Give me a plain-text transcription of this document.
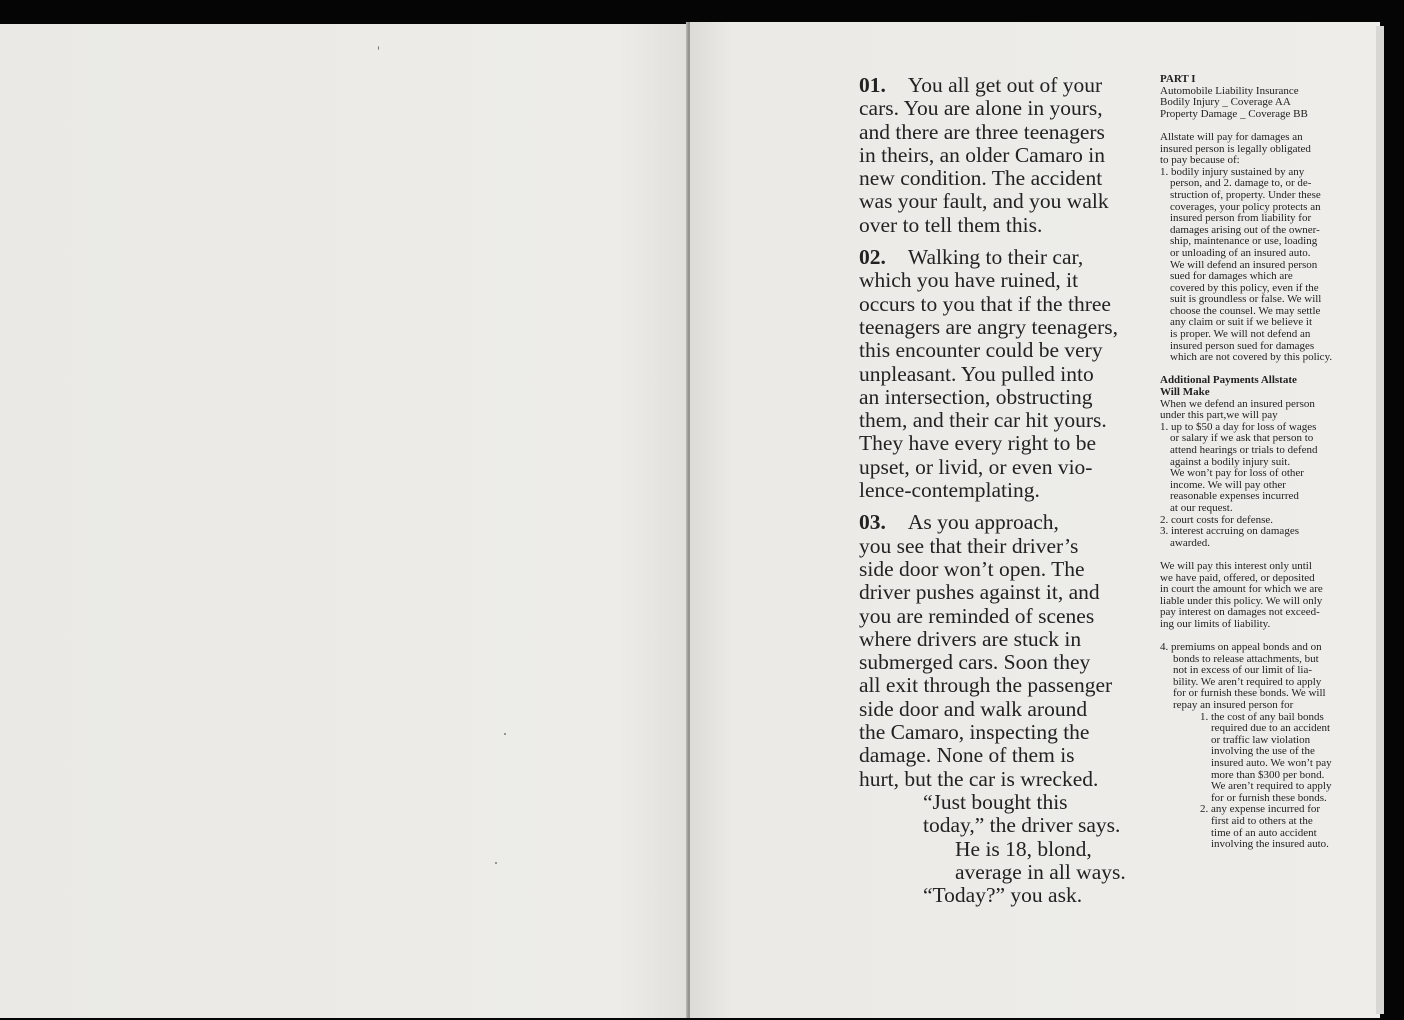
01. You all get out of your
cars. You are alone in yours,
and there are three teenagers
in theirs, an older Camaro in
new condition. The accident
was your fault, and you walk
over to tell them this.
02. Walking to their car,
which you have ruined, it
occurs to you that if the three
teenagers are angry teenagers,
this encounter could be very
unpleasant. You pulled into
an intersection, obstructing
them, and their car hit yours.
They have every right to be
upset, or livid, or even vio-
lence-contemplating.
03. As you approach,
you see that their driver’s
side door won’t open. The
driver pushes against it, and
you are reminded of scenes
where drivers are stuck in
submerged cars. Soon they
all exit through the passenger
side door and walk around
the Camaro, inspecting the
damage. None of them is
hurt, but the car is wrecked.
“Just bought this
today,” the driver says.
He is 18, blond,
average in all ways.
“Today?” you ask.
PART I
Automobile Liability Insurance
Bodily Injury _ Coverage AA
Property Damage _ Coverage BB
Allstate will pay for damages an
insured person is legally obligated
to pay because of:
1. bodily injury sustained by any
person, and 2. damage to, or de-
struction of, property. Under these
coverages, your policy protects an
insured person from liability for
damages arising out of the owner-
ship, maintenance or use, loading
or unloading of an insured auto.
We will defend an insured person
sued for damages which are
covered by this policy, even if the
suit is groundless or false. We will
choose the counsel. We may settle
any claim or suit if we believe it
is proper. We will not defend an
insured person sued for damages
which are not covered by this policy.
Additional Payments Allstate
Will Make
When we defend an insured person
under this part,we will pay
1. up to $50 a day for loss of wages
or salary if we ask that person to
attend hearings or trials to defend
against a bodily injury suit.
We won’t pay for loss of other
income. We will pay other
reasonable expenses incurred
at our request.
2. court costs for defense.
3. interest accruing on damages
awarded.
We will pay this interest only until
we have paid, offered, or deposited
in court the amount for which we are
liable under this policy. We will only
pay interest on damages not exceed-
ing our limits of liability.
4. premiums on appeal bonds and on
bonds to release attachments, but
not in excess of our limit of lia-
bility. We aren’t required to apply
for or furnish these bonds. We will
repay an insured person for
1. the cost of any bail bonds
required due to an accident
or traffic law violation
involving the use of the
insured auto. We won’t pay
more than $300 per bond.
We aren’t required to apply
for or furnish these bonds.
2. any expense incurred for
first aid to others at the
time of an auto accident
involving the insured auto.
